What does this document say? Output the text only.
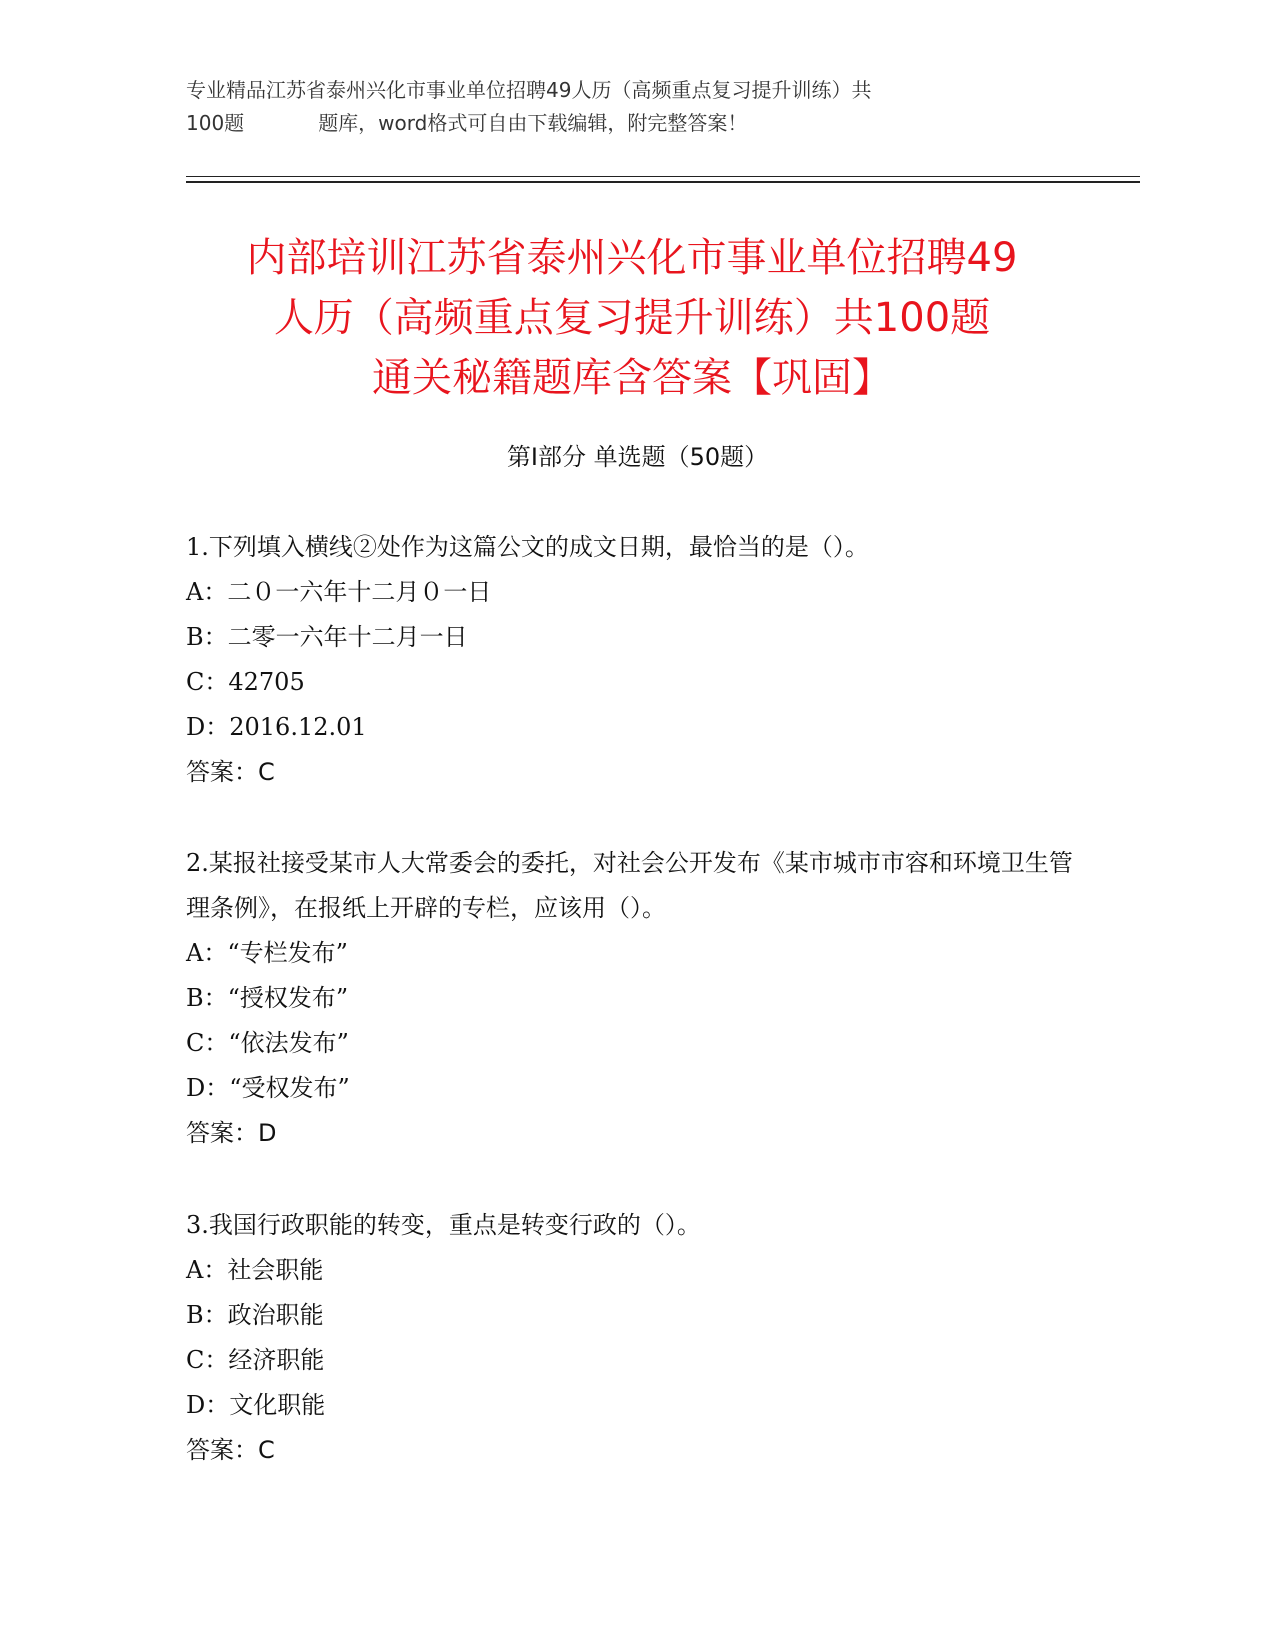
专业精品江苏省泰州兴化市事业单位招聘49人历（高频重点复习提升训练）共

100题	题库，word格式可自由下载编辑，附完整答案！
内部培训江苏省泰州兴化市事业单位招聘49
人历（高频重点复习提升训练）共100题
通关秘籍题库含答案【巩固】
第Ⅰ部分 单选题（50题）
1.下列填入横线②处作为这篇公文的成文日期，最恰当的是（）。
A：二０一六年十二月０一日
B：二零一六年十二月一日
C：42705
D：2016.12.01
答案：C
2.某报社接受某市人大常委会的委托，对社会公开发布《某市城市市容和环境卫生管理条例》，在报纸上开辟的专栏，应该用（）。
A：“专栏发布”
B：“授权发布”
C：“依法发布”
D：“受权发布”
答案：D
3.我国行政职能的转变，重点是转变行政的（）。
A：社会职能
B：政治职能
C：经济职能
D：文化职能
答案：C
